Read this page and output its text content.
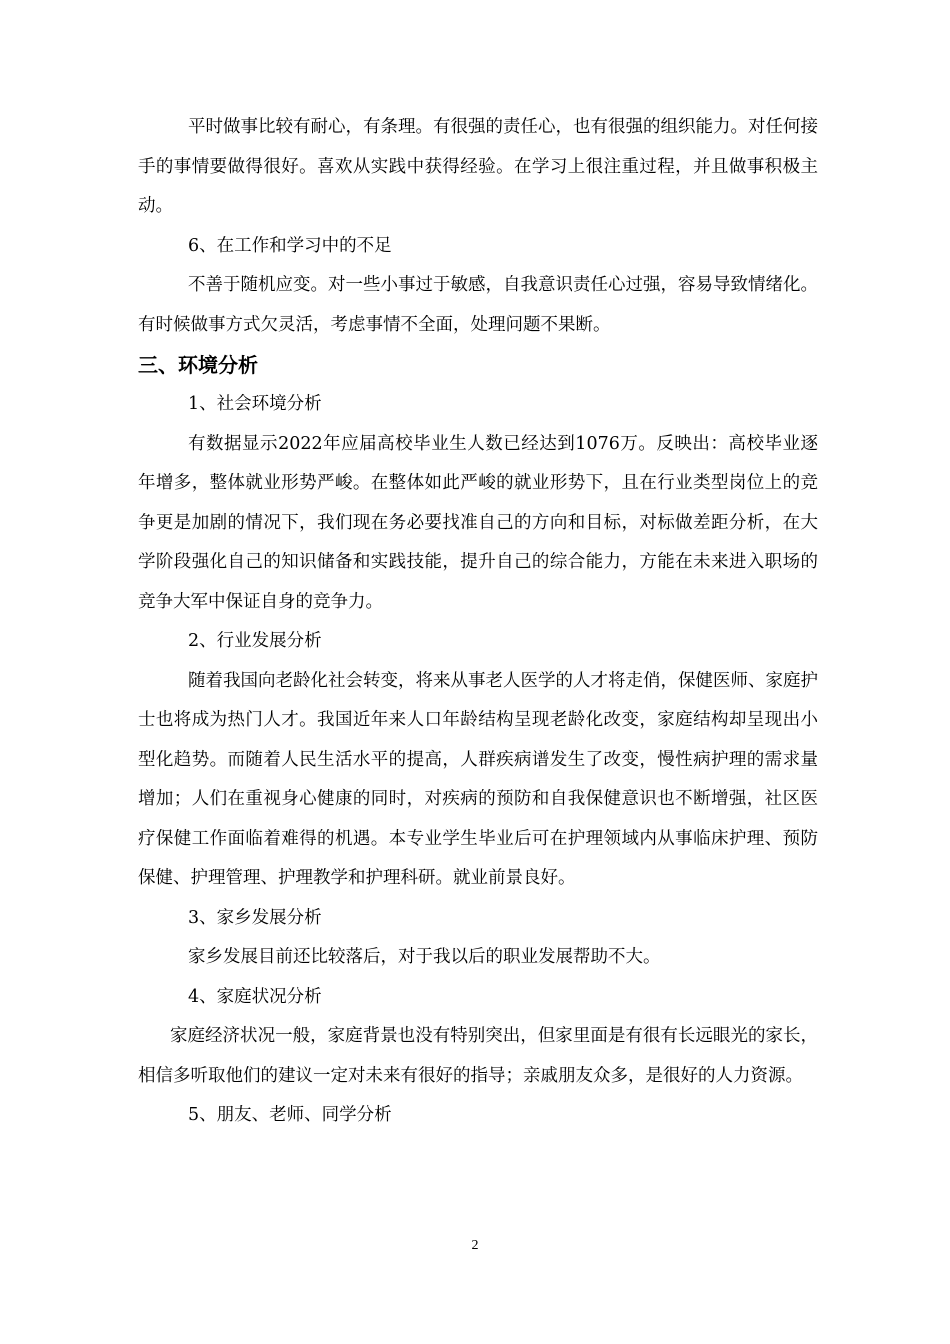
平时做事比较有耐心，有条理。有很强的责任心，也有很强的组织能力。对任何接手的事情要做得很好。喜欢从实践中获得经验。在学习上很注重过程，并且做事积极主动。

6、在工作和学习中的不足

不善于随机应变。对一些小事过于敏感，自我意识责任心过强，容易导致情绪化。有时候做事方式欠灵活，考虑事情不全面，处理问题不果断。

三、环境分析

1、社会环境分析

有数据显示2022年应届高校毕业生人数已经达到1076万。反映出：高校毕业逐年增多，整体就业形势严峻。在整体如此严峻的就业形势下，且在行业类型岗位上的竞争更是加剧的情况下，我们现在务必要找准自己的方向和目标，对标做差距分析，在大学阶段强化自己的知识储备和实践技能，提升自己的综合能力，方能在未来进入职场的竞争大军中保证自身的竞争力。

2、行业发展分析

随着我国向老龄化社会转变，将来从事老人医学的人才将走俏，保健医师、家庭护士也将成为热门人才。我国近年来人口年龄结构呈现老龄化改变，家庭结构却呈现出小型化趋势。而随着人民生活水平的提高，人群疾病谱发生了改变，慢性病护理的需求量增加；人们在重视身心健康的同时，对疾病的预防和自我保健意识也不断增强，社区医疗保健工作面临着难得的机遇。本专业学生毕业后可在护理领域内从事临床护理、预防保健、护理管理、护理教学和护理科研。就业前景良好。

3、家乡发展分析

家乡发展目前还比较落后，对于我以后的职业发展帮助不大。

4、家庭状况分析

家庭经济状况一般，家庭背景也没有特别突出，但家里面是有很有长远眼光的家长，相信多听取他们的建议一定对未来有很好的指导；亲戚朋友众多，是很好的人力资源。

5、朋友、老师、同学分析

2
